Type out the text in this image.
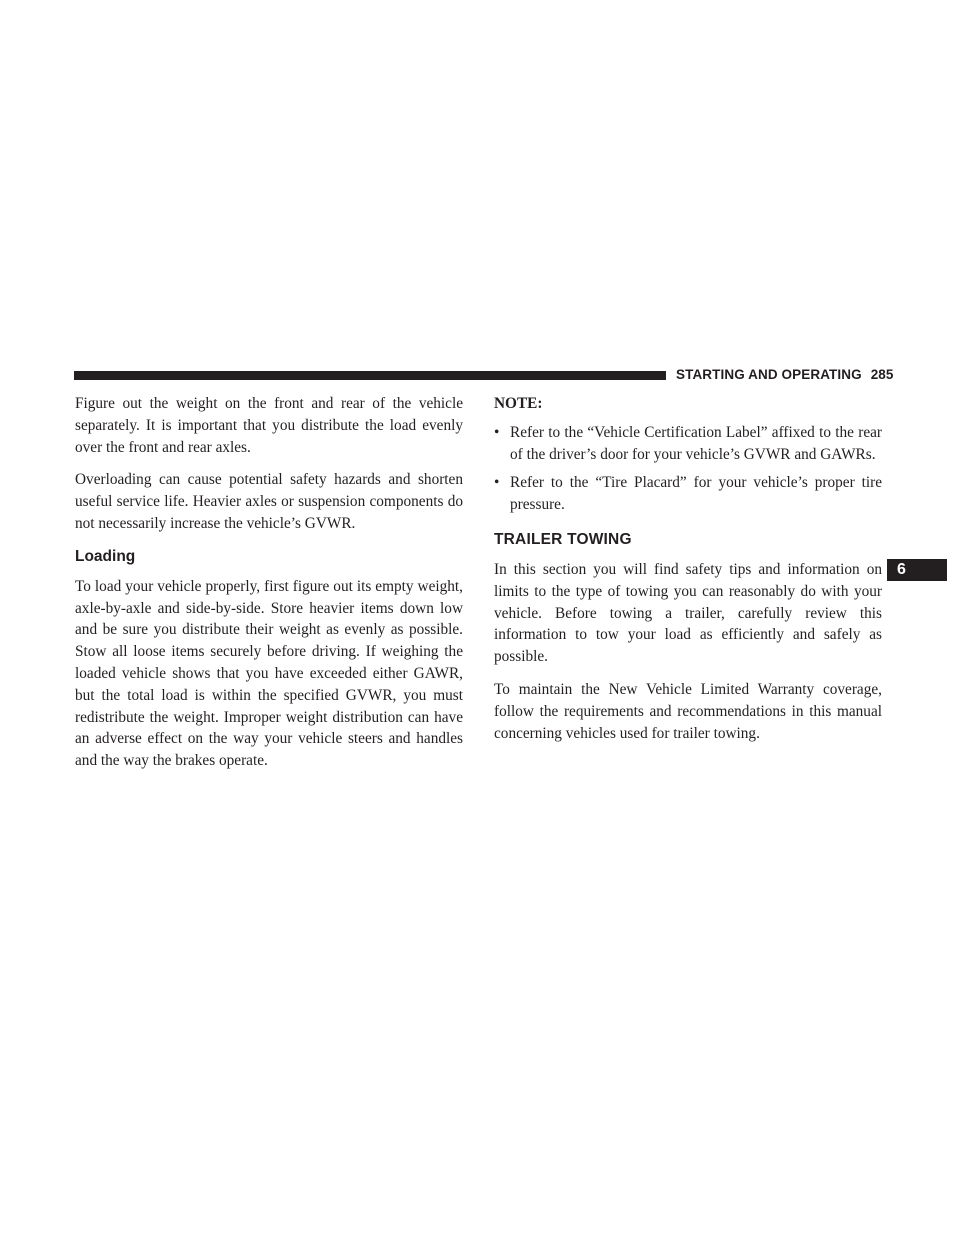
STARTING AND OPERATING 285
6

Figure out the weight on the front and rear of the vehicle separately. It is important that you distribute the load evenly over the front and rear axles.

Overloading can cause potential safety hazards and shorten useful service life. Heavier axles or suspension components do not necessarily increase the vehicle’s GVWR.

Loading

To load your vehicle properly, first figure out its empty weight, axle-by-axle and side-by-side. Store heavier items down low and be sure you distribute their weight as evenly as possible. Stow all loose items securely before driving. If weighing the loaded vehicle shows that you have exceeded either GAWR, but the total load is within the specified GVWR, you must redistribute the weight. Improper weight distribution can have an adverse effect on the way your vehicle steers and handles and the way the brakes operate.

NOTE:
• Refer to the “Vehicle Certification Label” affixed to the rear of the driver’s door for your vehicle’s GVWR and GAWRs.
• Refer to the “Tire Placard” for your vehicle’s proper tire pressure.
TRAILER TOWING

In this section you will find safety tips and information on limits to the type of towing you can reasonably do with your vehicle. Before towing a trailer, carefully review this information to tow your load as efficiently and safely as possible.

To maintain the New Vehicle Limited Warranty coverage, follow the requirements and recommendations in this manual concerning vehicles used for trailer towing.
